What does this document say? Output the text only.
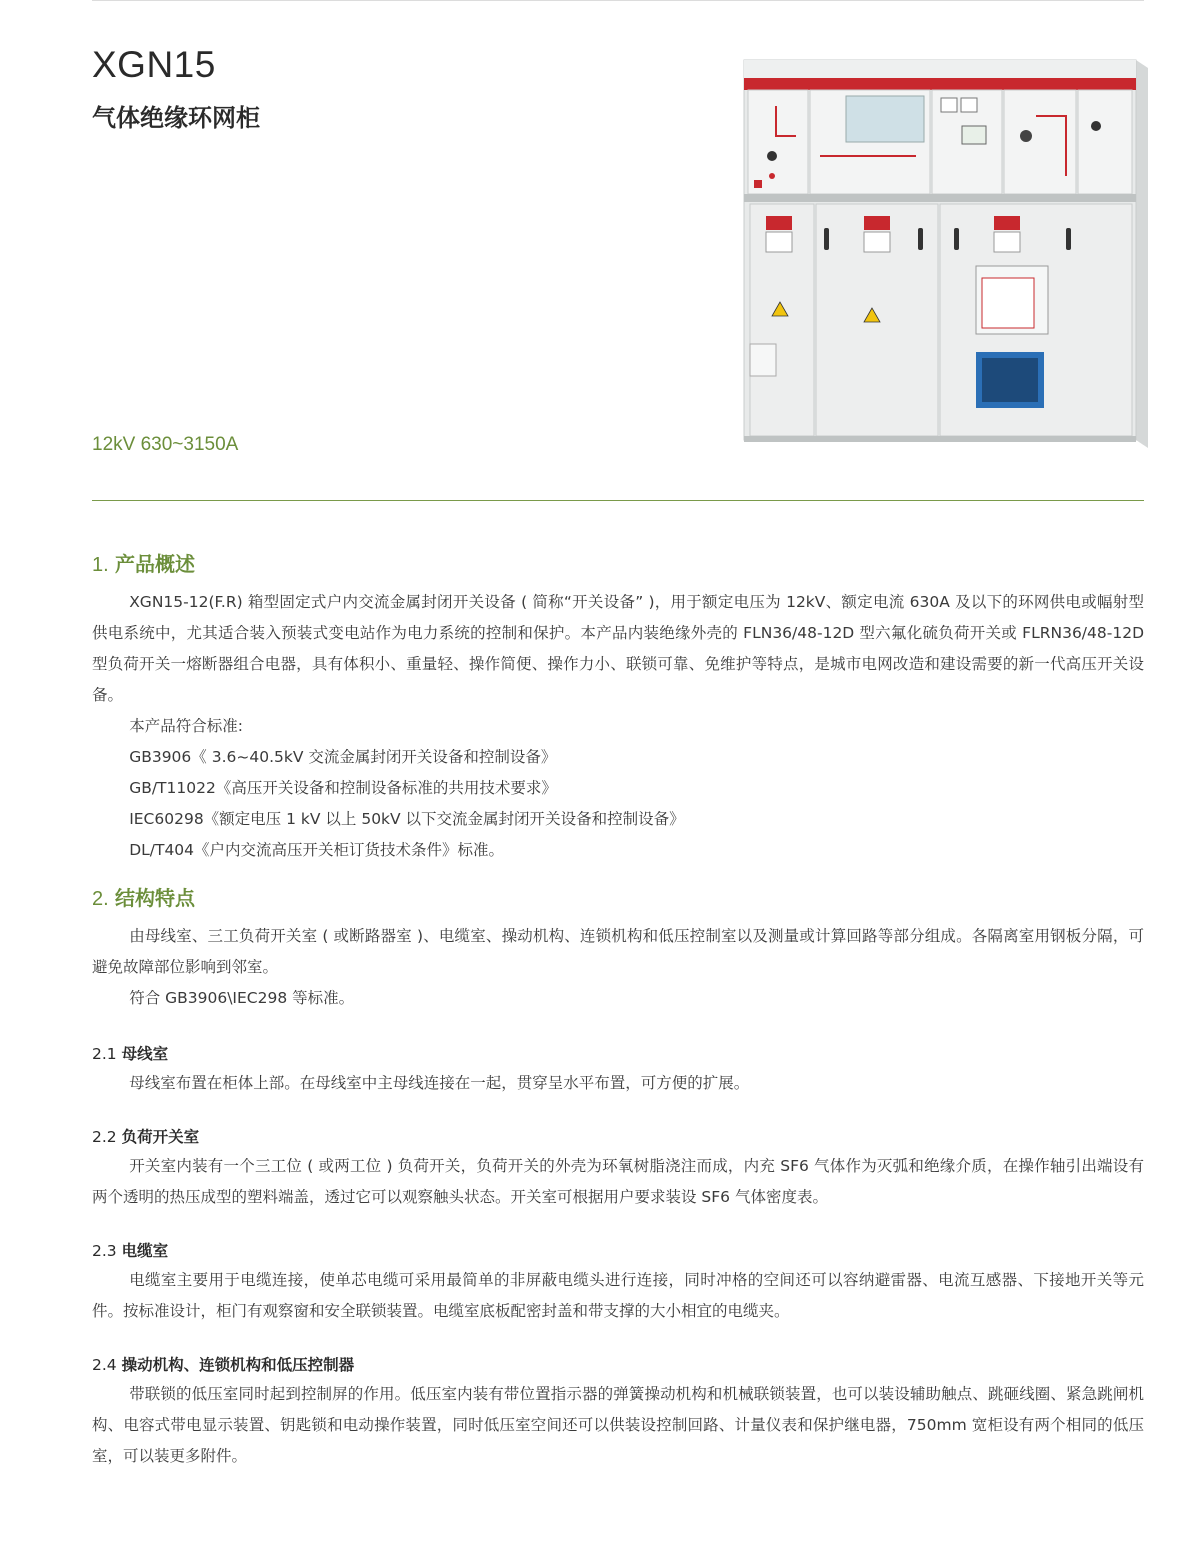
XGN15
气体绝缘环网柜
12kV 630~3150A
1. 产品概述

XGN15-12(F.R) 箱型固定式户内交流金属封闭开关设备 ( 简称“开关设备” )，用于额定电压为 12kV、额定电流 630A 及以下的环网供电或幅射型供电系统中，尤其适合装入预装式变电站作为电力系统的控制和保护。本产品内装绝缘外壳的 FLN36/48-12D 型六氟化硫负荷开关或 FLRN36/48-12D 型负荷开关一熔断器组合电器，具有体积小、重量轻、操作简便、操作力小、联锁可靠、免维护等特点，是城市电网改造和建设需要的新一代高压开关设备。

本产品符合标准:

GB3906《 3.6~40.5kV 交流金属封闭开关设备和控制设备》

GB/T11022《高压开关设备和控制设备标准的共用技术要求》

IEC60298《额定电压 1 kV 以上 50kV 以下交流金属封闭开关设备和控制设备》

DL/T404《户内交流高压开关柜订货技术条件》标准。

2. 结构特点

由母线室、三工负荷开关室 ( 或断路器室 )、电缆室、操动机构、连锁机构和低压控制室以及测量或计算回路等部分组成。各隔离室用钢板分隔，可避免故障部位影响到邻室。

符合 GB3906\IEC298 等标准。

2.1 母线室

母线室布置在柜体上部。在母线室中主母线连接在一起，贯穿呈水平布置，可方便的扩展。

2.2 负荷开关室

开关室内装有一个三工位 ( 或两工位 ) 负荷开关，负荷开关的外壳为环氧树脂浇注而成，内充 SF6 气体作为灭弧和绝缘介质，在操作轴引出端设有两个透明的热压成型的塑料端盖，透过它可以观察触头状态。开关室可根据用户要求装设 SF6 气体密度表。

2.3 电缆室

电缆室主要用于电缆连接，使单芯电缆可采用最简单的非屏蔽电缆头进行连接，同时冲格的空间还可以容纳避雷器、电流互感器、下接地开关等元件。按标准设计，柜门有观察窗和安全联锁装置。电缆室底板配密封盖和带支撑的大小相宜的电缆夹。

2.4 操动机构、连锁机构和低压控制器

带联锁的低压室同时起到控制屏的作用。低压室内装有带位置指示器的弹簧操动机构和机械联锁装置，也可以装设辅助触点、跳砸线圈、紧急跳闸机构、电容式带电显示装置、钥匙锁和电动操作装置，同时低压室空间还可以供装设控制回路、计量仪表和保护继电器，750mm 宽柜设有两个相同的低压室，可以装更多附件。
